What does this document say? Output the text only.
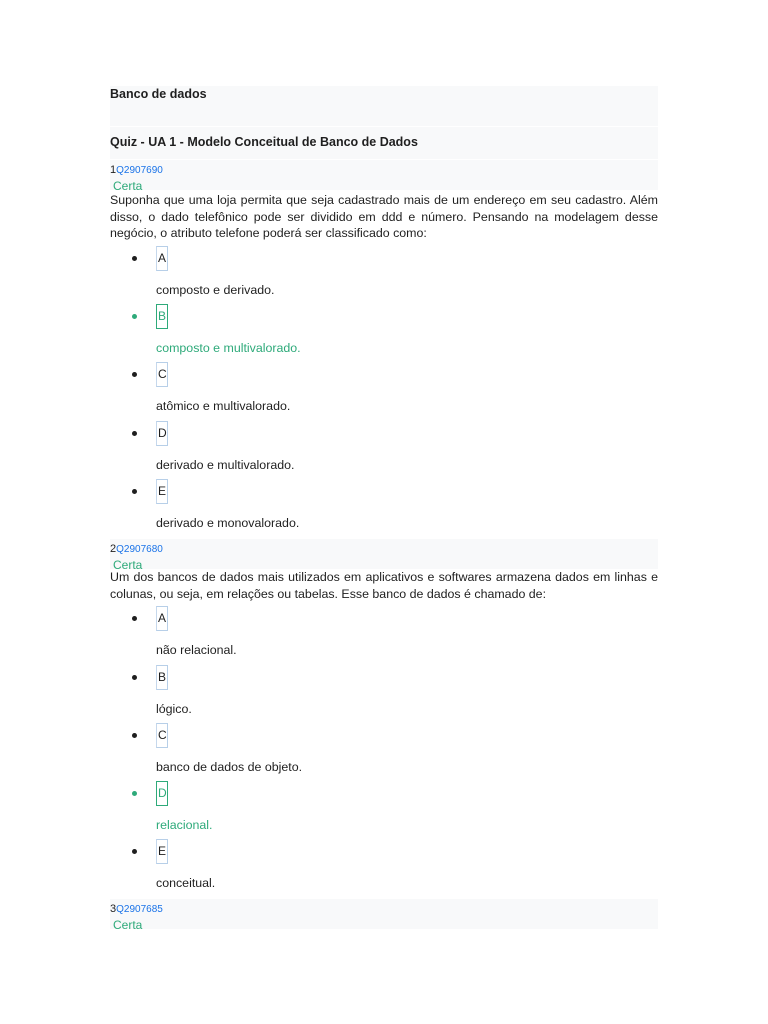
Banco de dados
Quiz - UA 1 - Modelo Conceitual de Banco de Dados
1Q2907690
Certa
Suponha que uma loja permita que seja cadastrado mais de um endereço em seu cadastro. Além disso, o dado telefônico pode ser dividido em ddd e número. Pensando na modelagem desse negócio, o atributo telefone poderá ser classificado como:
A
composto e derivado.
B
composto e multivalorado.
C
atômico e multivalorado.
D
derivado e multivalorado.
E
derivado e monovalorado.
2Q2907680
Certa
Um dos bancos de dados mais utilizados em aplicativos e softwares armazena dados em linhas e colunas, ou seja, em relações ou tabelas. Esse banco de dados é chamado de:
A
não relacional.
B
lógico.
C
banco de dados de objeto.
D
relacional.
E
conceitual.
3Q2907685
Certa
